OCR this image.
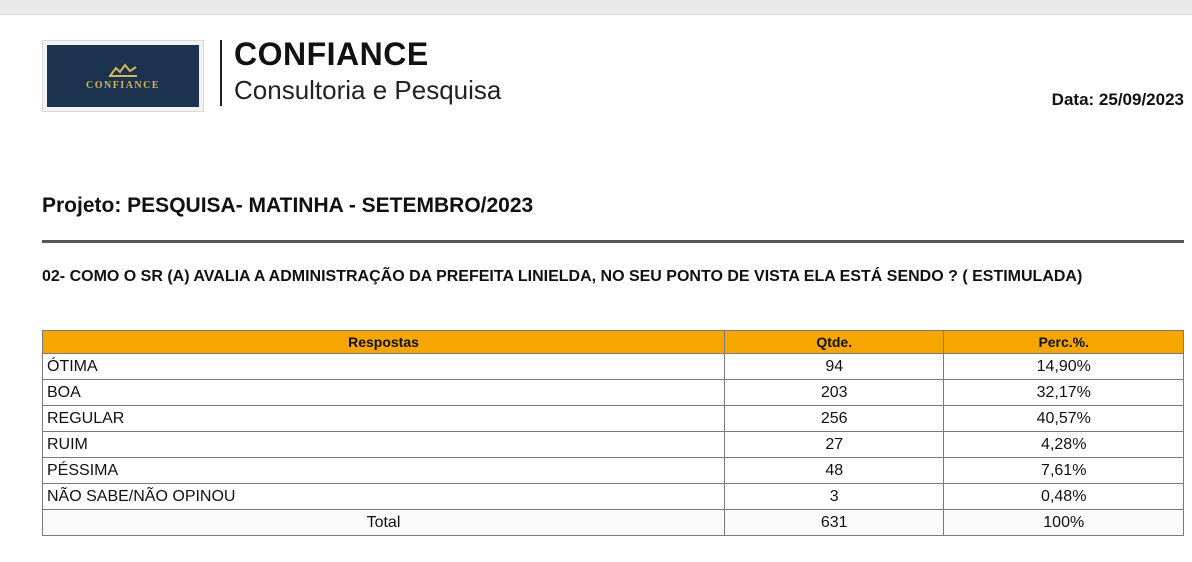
CONFIANCE
CONFIANCE
Consultoria e Pesquisa	Data: 25/09/2023
Projeto: PESQUISA- MATINHA - SETEMBRO/2023
02- COMO O SR (A) AVALIA A ADMINISTRAÇÃO DA PREFEITA LINIELDA, NO SEU PONTO DE VISTA ELA ESTÁ SENDO ? ( ESTIMULADA)
Respostas	Qtde.	Perc.%.
ÓTIMA	94	14,90%
BOA	203	32,17%
REGULAR	256	40,57%
RUIM	27	4,28%
PÉSSIMA	48	7,61%
NÃO SABE/NÃO OPINOU	3	0,48%
Total	631	100%
